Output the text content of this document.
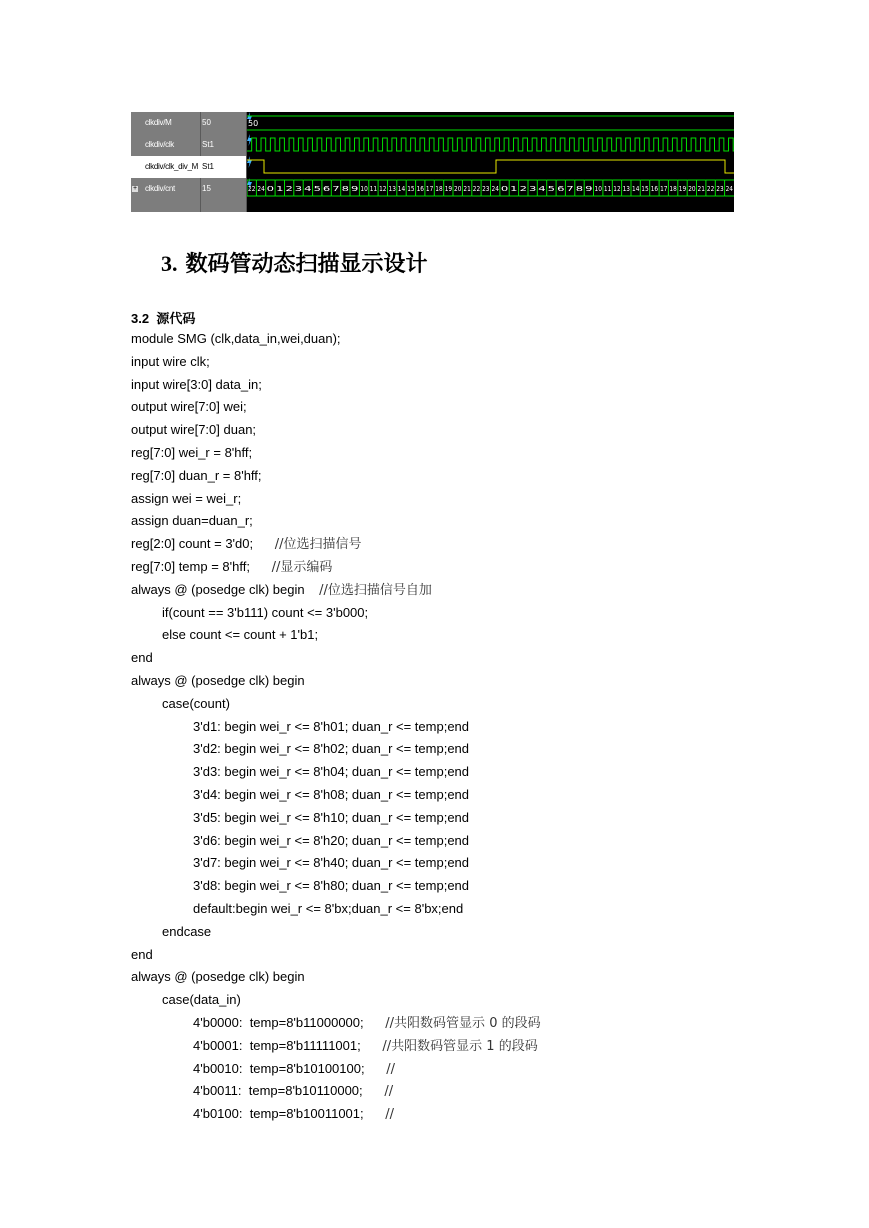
clkdiv/M	50
clkdiv/clk	St1
clkdiv/clk_div_M St1
+ clkdiv/cnt	15
50
22 24 0 1 2 3 4 5 6 7 8 9 10 11 12 13 14 15 16 17 18 19 20 21 22 23 24 0 1 2 3 4 5 6 7 8 9 10 11 12 13 14 15 16 17 18 19 20 21 22 23 24
3. 数码管动态扫描显示设计
3.2 源代码
module SMG (clk,data_in,wei,duan);
input wire clk;
input wire[3:0] data_in;
output wire[7:0] wei;
output wire[7:0] duan;
reg[7:0] wei_r = 8'hff;
reg[7:0] duan_r = 8'hff;
assign wei = wei_r;
assign duan=duan_r;
reg[2:0] count = 3'd0;      //位选扫描信号
reg[7:0] temp = 8'hff;      //显示编码
always @ (posedge clk) begin    //位选扫描信号自加
if(count == 3'b111) count <= 3'b000;
else count <= count + 1'b1;
end
always @ (posedge clk) begin
case(count)
3'd1: begin wei_r <= 8'h01; duan_r <= temp;end
3'd2: begin wei_r <= 8'h02; duan_r <= temp;end
3'd3: begin wei_r <= 8'h04; duan_r <= temp;end
3'd4: begin wei_r <= 8'h08; duan_r <= temp;end
3'd5: begin wei_r <= 8'h10; duan_r <= temp;end
3'd6: begin wei_r <= 8'h20; duan_r <= temp;end
3'd7: begin wei_r <= 8'h40; duan_r <= temp;end
3'd8: begin wei_r <= 8'h80; duan_r <= temp;end
default:begin wei_r <= 8'bx;duan_r <= 8'bx;end
endcase
end
always @ (posedge clk) begin
case(data_in)
4'b0000:  temp=8'b11000000;      //共阳数码管显示 0 的段码
4'b0001:  temp=8'b11111001;      //共阳数码管显示 1 的段码
4'b0010:  temp=8'b10100100;      //
4'b0011:  temp=8'b10110000;      //
4'b0100:  temp=8'b10011001;      //
